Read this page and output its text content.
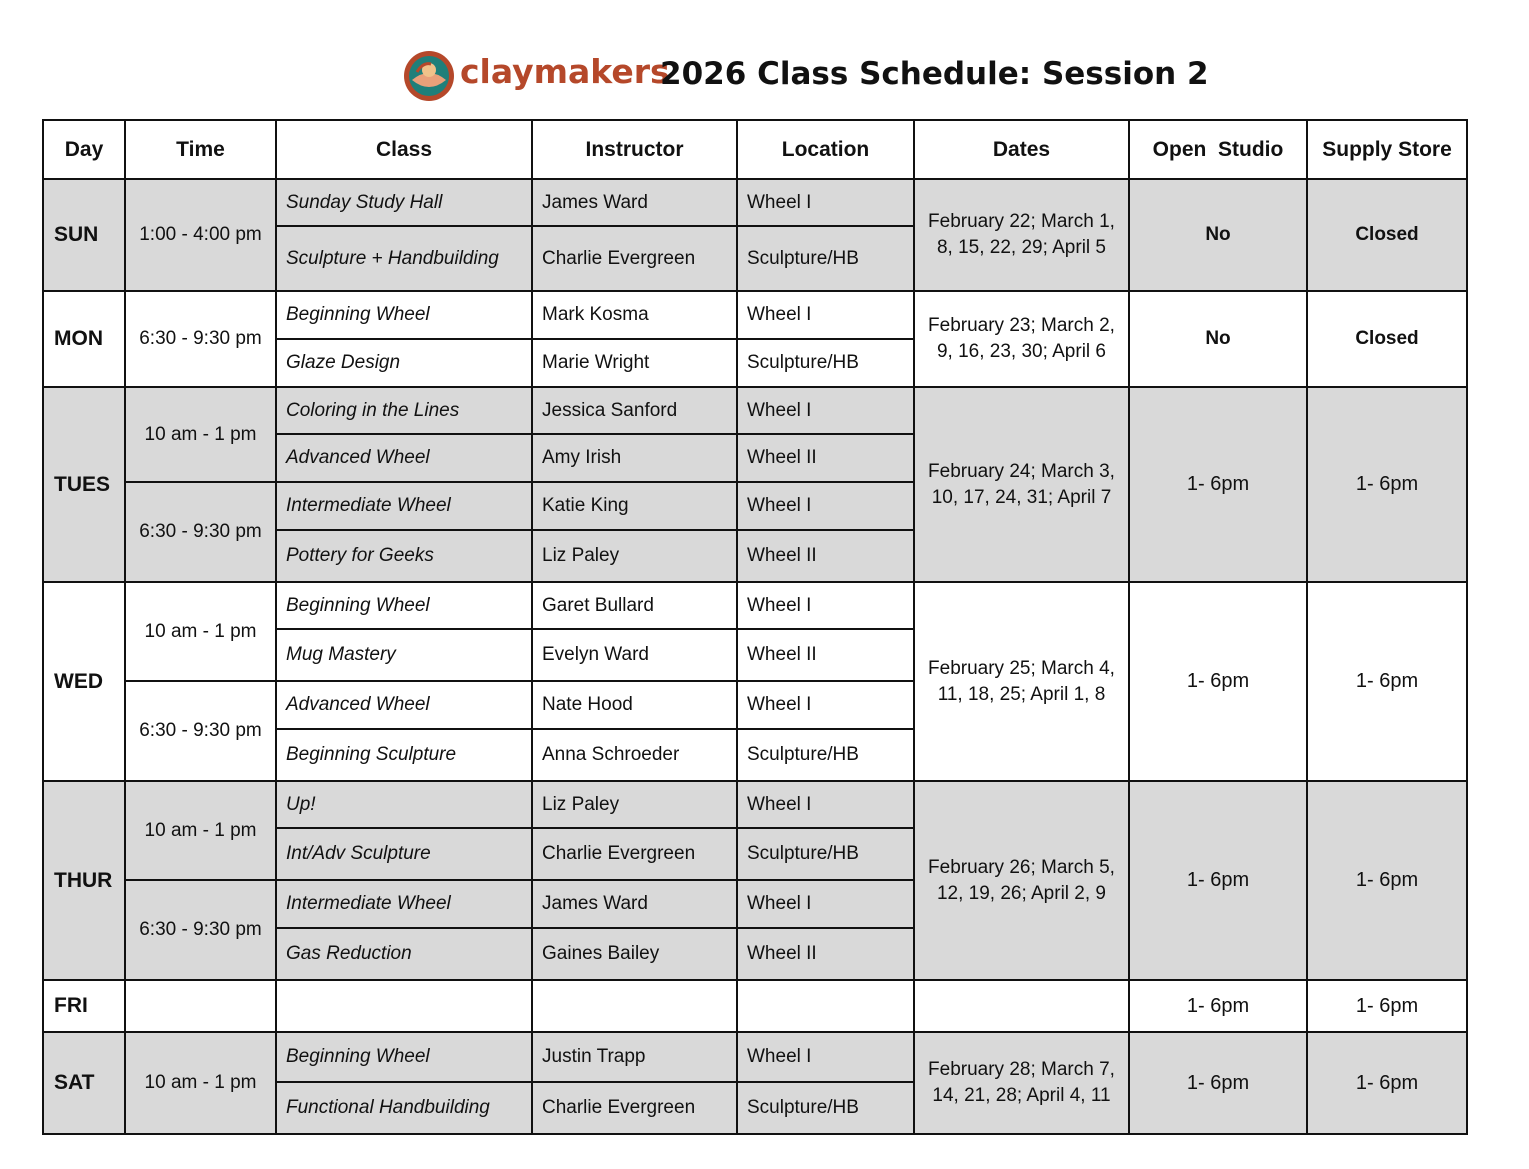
claymakers
2026 Class Schedule: Session 2
Day	Time	Class	Instructor	Location	Dates	Open  Studio	Supply Store
SUN	1:00 - 4:00 pm	Sunday Study Hall	James Ward	Wheel I	February 22; March 1, 8, 15, 22, 29; April 5	No	Closed
		Sculpture + Handbuilding	Charlie Evergreen	Sculpture/HB			
MON	6:30 - 9:30 pm	Beginning Wheel	Mark Kosma	Wheel I	February 23; March 2, 9, 16, 23, 30; April 6	No	Closed
		Glaze Design	Marie Wright	Sculpture/HB			
TUES	10 am - 1 pm	Coloring in the Lines	Jessica Sanford	Wheel I	February 24; March 3, 10, 17, 24, 31; April 7	1- 6pm	1- 6pm
		Advanced Wheel	Amy Irish	Wheel II			
	6:30 - 9:30 pm	Intermediate Wheel	Katie King	Wheel I			
		Pottery for Geeks	Liz Paley	Wheel II			
WED	10 am - 1 pm	Beginning Wheel	Garet Bullard	Wheel I	February 25; March 4, 11, 18, 25; April 1, 8	1- 6pm	1- 6pm
		Mug Mastery	Evelyn Ward	Wheel II			
	6:30 - 9:30 pm	Advanced Wheel	Nate Hood	Wheel I			
		Beginning Sculpture	Anna Schroeder	Sculpture/HB			
THUR	10 am - 1 pm	Up!	Liz Paley	Wheel I	February 26; March 5, 12, 19, 26; April 2, 9	1- 6pm	1- 6pm
		Int/Adv Sculpture	Charlie Evergreen	Sculpture/HB			
	6:30 - 9:30 pm	Intermediate Wheel	James Ward	Wheel I			
		Gas Reduction	Gaines Bailey	Wheel II			
FRI						1- 6pm	1- 6pm
SAT	10 am - 1 pm	Beginning Wheel	Justin Trapp	Wheel I	February 28; March 7, 14, 21, 28; April 4, 11	1- 6pm	1- 6pm
		Functional Handbuilding	Charlie Evergreen	Sculpture/HB			
